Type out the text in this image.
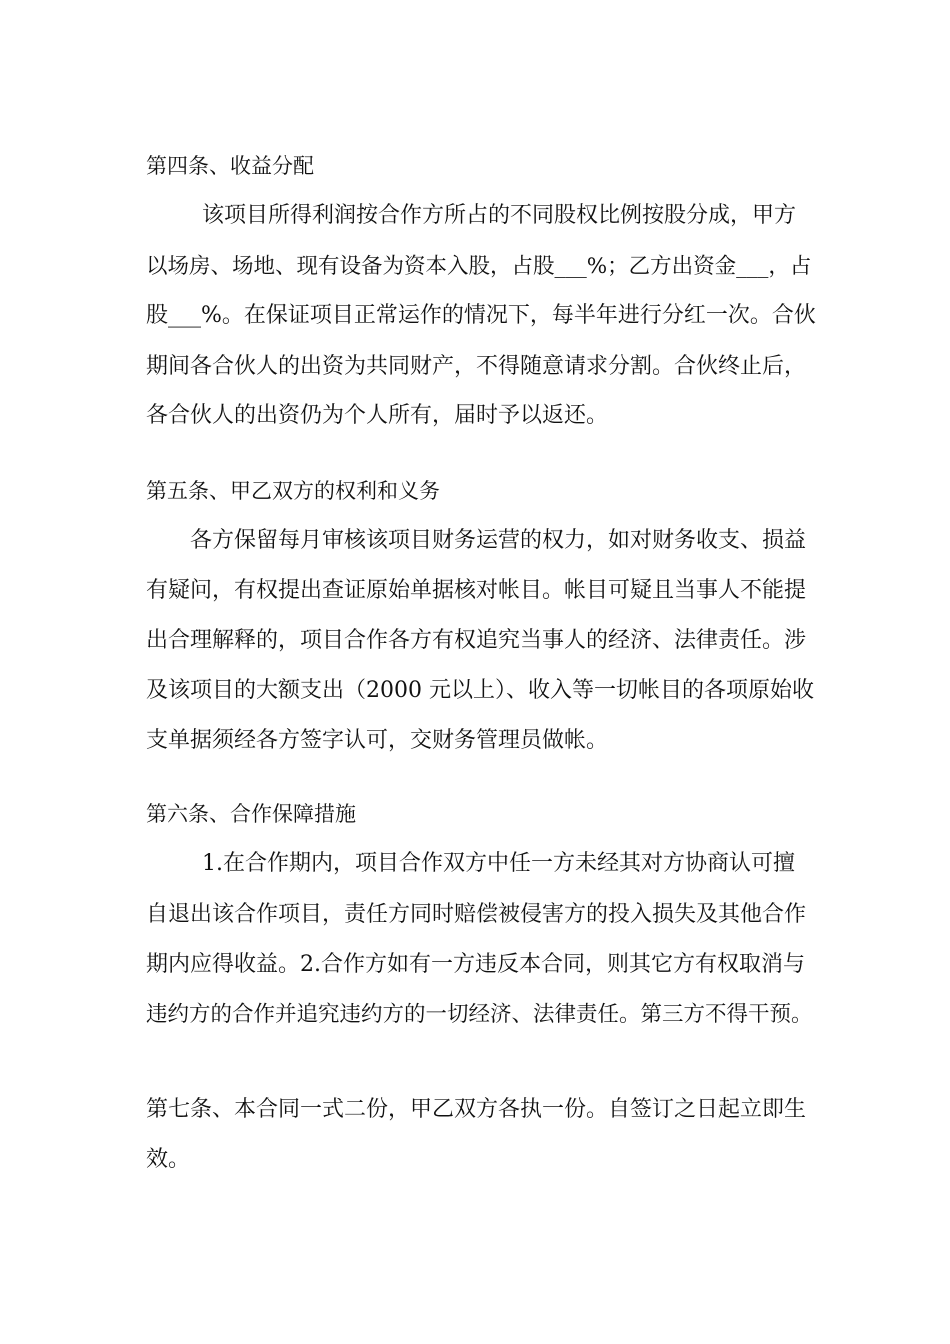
第四条、收益分配
该项目所得利润按合作方所占的不同股权比例按股分成，甲方
以场房、场地、现有设备为资本入股，占股___%；乙方出资金___，占
股___%。在保证项目正常运作的情况下，每半年进行分红一次。合伙
期间各合伙人的出资为共同财产，不得随意请求分割。合伙终止后，
各合伙人的出资仍为个人所有，届时予以返还。
第五条、甲乙双方的权利和义务
各方保留每月审核该项目财务运营的权力，如对财务收支、损益
有疑问，有权提出查证原始单据核对帐目。帐目可疑且当事人不能提
出合理解释的，项目合作各方有权追究当事人的经济、法律责任。涉
及该项目的大额支出（2000 元以上）、收入等一切帐目的各项原始收
支单据须经各方签字认可，交财务管理员做帐。
第六条、合作保障措施
1.在合作期内，项目合作双方中任一方未经其对方协商认可擅
自退出该合作项目，责任方同时赔偿被侵害方的投入损失及其他合作
期内应得收益。2.合作方如有一方违反本合同，则其它方有权取消与
违约方的合作并追究违约方的一切经济、法律责任。第三方不得干预。
第七条、本合同一式二份，甲乙双方各执一份。自签订之日起立即生
效。
